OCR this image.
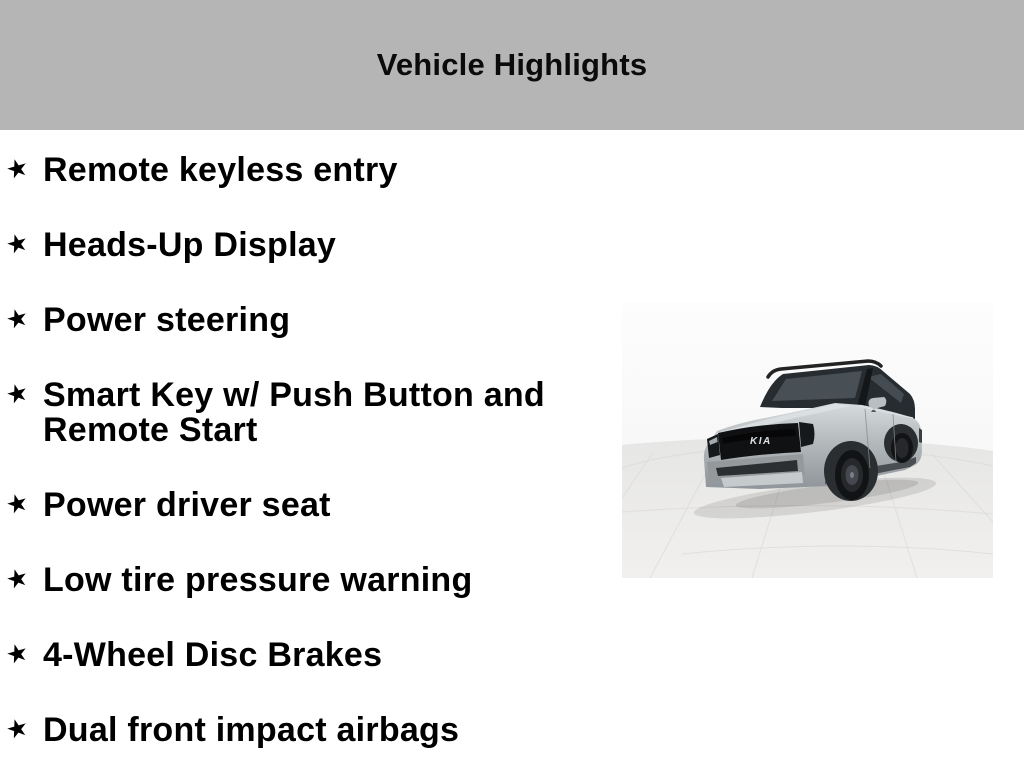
Vehicle Highlights
★ Remote keyless entry
★ Heads-Up Display
★ Power steering
★ Smart Key w/ Push Button and Remote Start
★ Power driver seat
★ Low tire pressure warning
★ 4-Wheel Disc Brakes
★ Dual front impact airbags
KIA
